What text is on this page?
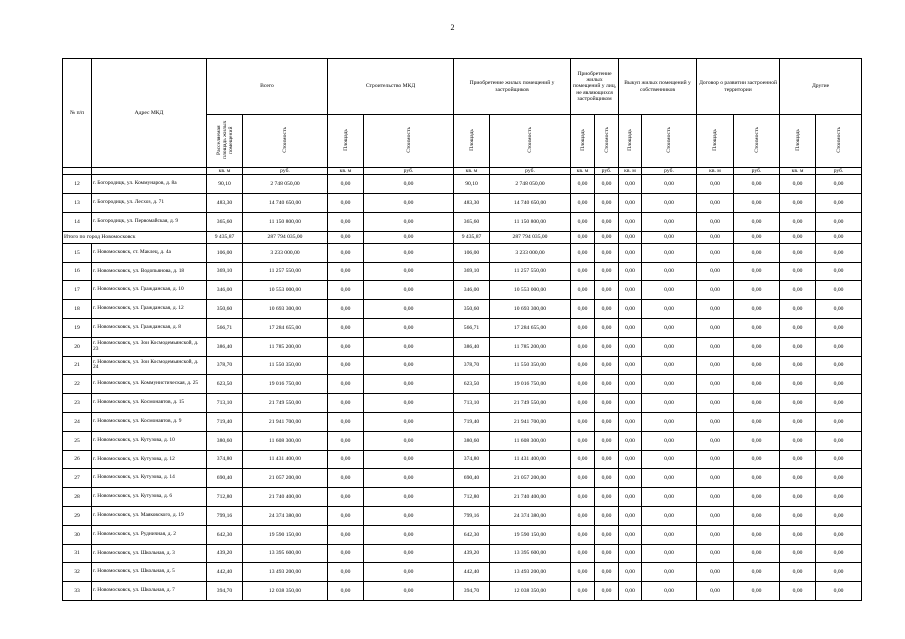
2
№ п/п	Адрес МКД	Всего		Строительство МКД		Приобретение жилых помещений у застройщиков		Приобретение жилых помещений у лиц, не являющихся застройщиком		Выкуп жилых помещений у собственников		Договор о развитии застроенной территории		Другие	
		Расселяемая площадь жилых помещений	Стоимость	Площадь	Стоимость	Площадь	Стоимость	Площадь	Стоимость	Площадь	Стоимость	Площадь	Стоимость	Площадь	Стоимость
		кв. м	руб.	кв. м	руб.	кв. м	руб.	кв. м	руб.	кв. м	руб.	кв. м	руб.	кв. м	руб.
12	г. Богородицк, ул. Коммунаров, д. 8а	90,10	2 748 050,00	0,00	0,00	90,10	2 748 050,00	0,00	0,00	0,00	0,00	0,00	0,00	0,00	0,00
13	г. Богородицк, ул. Лесхоз, д. 71	483,30	14 740 650,00	0,00	0,00	483,30	14 740 650,00	0,00	0,00	0,00	0,00	0,00	0,00	0,00	0,00
14	г. Богородицк, ул. Первомайская, д. 9	365,60	11 150 800,00	0,00	0,00	365,60	11 150 800,00	0,00	0,00	0,00	0,00	0,00	0,00	0,00	0,00
Итого по город Новомосковск		9 435,87	287 794 035,00	0,00	0,00	9 435,87	287 794 035,00	0,00	0,00	0,00	0,00	0,00	0,00	0,00	0,00
15	г. Новомосковск, ст. Маклец, д. 4а	106,00	3 233 000,00	0,00	0,00	106,00	3 233 000,00	0,00	0,00	0,00	0,00	0,00	0,00	0,00	0,00
16	г. Новомосковск, ул. Водопьянова, д. 18	369,10	11 257 550,00	0,00	0,00	369,10	11 257 550,00	0,00	0,00	0,00	0,00	0,00	0,00	0,00	0,00
17	г. Новомосковск, ул. Гражданская, д. 10	346,00	10 553 000,00	0,00	0,00	346,00	10 553 000,00	0,00	0,00	0,00	0,00	0,00	0,00	0,00	0,00
18	г. Новомосковск, ул. Гражданская, д. 12	350,60	10 693 300,00	0,00	0,00	350,60	10 693 300,00	0,00	0,00	0,00	0,00	0,00	0,00	0,00	0,00
19	г. Новомосковск, ул. Гражданская, д. 8	566,71	17 284 655,00	0,00	0,00	566,71	17 284 655,00	0,00	0,00	0,00	0,00	0,00	0,00	0,00	0,00
20	г. Новомосковск, ул. Зои Космодемьянской, д. 23	386,40	11 785 200,00	0,00	0,00	386,40	11 785 200,00	0,00	0,00	0,00	0,00	0,00	0,00	0,00	0,00
21	г. Новомосковск, ул. Зои Космодемьянской, д. 24	378,70	11 550 350,00	0,00	0,00	378,70	11 550 350,00	0,00	0,00	0,00	0,00	0,00	0,00	0,00	0,00
22	г. Новомосковск, ул. Коммунистическая, д. 25	623,50	19 016 750,00	0,00	0,00	623,50	19 016 750,00	0,00	0,00	0,00	0,00	0,00	0,00	0,00	0,00
23	г. Новомосковск, ул. Космонавтов, д. 15	713,10	21 749 550,00	0,00	0,00	713,10	21 749 550,00	0,00	0,00	0,00	0,00	0,00	0,00	0,00	0,00
24	г. Новомосковск, ул. Космонавтов, д. 9	719,40	21 941 700,00	0,00	0,00	719,40	21 941 700,00	0,00	0,00	0,00	0,00	0,00	0,00	0,00	0,00
25	г. Новомосковск, ул. Кутузова, д. 10	380,60	11 608 300,00	0,00	0,00	380,60	11 608 300,00	0,00	0,00	0,00	0,00	0,00	0,00	0,00	0,00
26	г. Новомосковск, ул. Кутузова, д. 12	374,80	11 431 400,00	0,00	0,00	374,80	11 431 400,00	0,00	0,00	0,00	0,00	0,00	0,00	0,00	0,00
27	г. Новомосковск, ул. Кутузова, д. 14	690,40	21 057 200,00	0,00	0,00	690,40	21 057 200,00	0,00	0,00	0,00	0,00	0,00	0,00	0,00	0,00
28	г. Новомосковск, ул. Кутузова, д. 6	712,80	21 740 400,00	0,00	0,00	712,80	21 740 400,00	0,00	0,00	0,00	0,00	0,00	0,00	0,00	0,00
29	г. Новомосковск, ул. Маяковского, д. 19	799,16	24 374 380,00	0,00	0,00	799,16	24 374 380,00	0,00	0,00	0,00	0,00	0,00	0,00	0,00	0,00
30	г. Новомосковск, ул. Рудничная, д. 2	642,30	19 590 150,00	0,00	0,00	642,30	19 590 150,00	0,00	0,00	0,00	0,00	0,00	0,00	0,00	0,00
31	г. Новомосковск, ул. Школьная, д. 3	439,20	13 395 600,00	0,00	0,00	439,20	13 395 600,00	0,00	0,00	0,00	0,00	0,00	0,00	0,00	0,00
32	г. Новомосковск, ул. Школьная, д. 5	442,40	13 493 200,00	0,00	0,00	442,40	13 493 200,00	0,00	0,00	0,00	0,00	0,00	0,00	0,00	0,00
33	г. Новомосковск, ул. Школьная, д. 7	394,70	12 038 350,00	0,00	0,00	394,70	12 038 350,00	0,00	0,00	0,00	0,00	0,00	0,00	0,00	0,00
